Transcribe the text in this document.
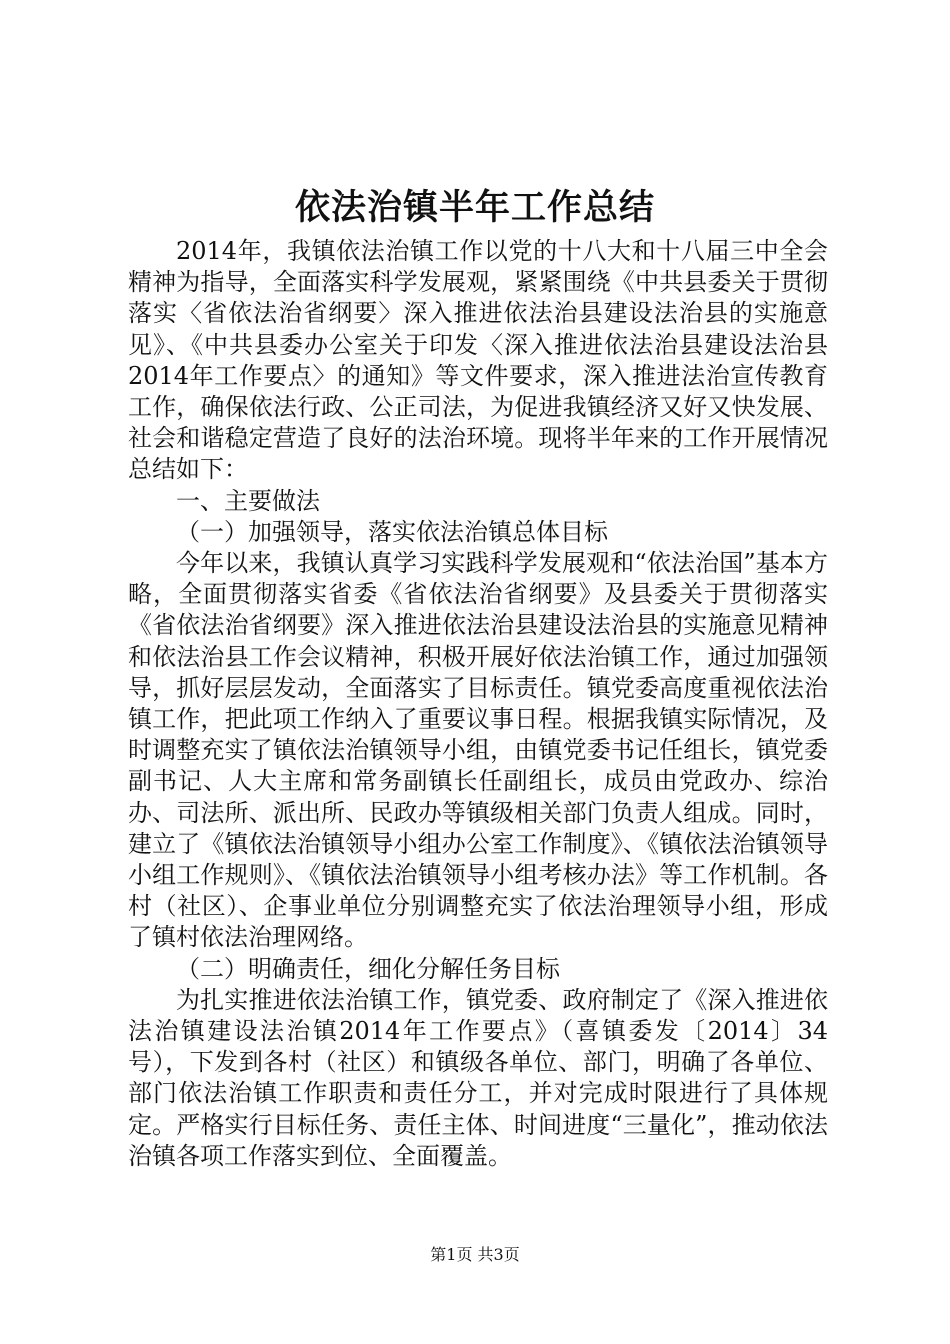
依法治镇半年工作总结

2014年，我镇依法治镇工作以党的十八大和十八届三中全会精神为指导，全面落实科学发展观，紧紧围绕《中共县委关于贯彻落实〈省依法治省纲要〉深入推进依法治县建设法治县的实施意见》、《中共县委办公室关于印发〈深入推进依法治县建设法治县2014年工作要点〉的通知》等文件要求，深入推进法治宣传教育工作，确保依法行政、公正司法，为促进我镇经济又好又快发展、社会和谐稳定营造了良好的法治环境。现将半年来的工作开展情况总结如下：

一、主要做法

（一）加强领导，落实依法治镇总体目标

今年以来，我镇认真学习实践科学发展观和“依法治国”基本方略，全面贯彻落实省委《省依法治省纲要》及县委关于贯彻落实《省依法治省纲要》深入推进依法治县建设法治县的实施意见精神和依法治县工作会议精神，积极开展好依法治镇工作，通过加强领导，抓好层层发动，全面落实了目标责任。镇党委高度重视依法治镇工作，把此项工作纳入了重要议事日程。根据我镇实际情况，及时调整充实了镇依法治镇领导小组，由镇党委书记任组长，镇党委副书记、人大主席和常务副镇长任副组长，成员由党政办、综治办、司法所、派出所、民政办等镇级相关部门负责人组成。同时，建立了《镇依法治镇领导小组办公室工作制度》、《镇依法治镇领导小组工作规则》、《镇依法治镇领导小组考核办法》等工作机制。各村（社区）、企事业单位分别调整充实了依法治理领导小组，形成了镇村依法治理网络。

（二）明确责任，细化分解任务目标

为扎实推进依法治镇工作，镇党委、政府制定了《深入推进依法治镇建设法治镇2014年工作要点》（喜镇委发〔2014〕34号），下发到各村（社区）和镇级各单位、部门，明确了各单位、部门依法治镇工作职责和责任分工，并对完成时限进行了具体规定。严格实行目标任务、责任主体、时间进度“三量化”，推动依法治镇各项工作落实到位、全面覆盖。

第1页 共3页
